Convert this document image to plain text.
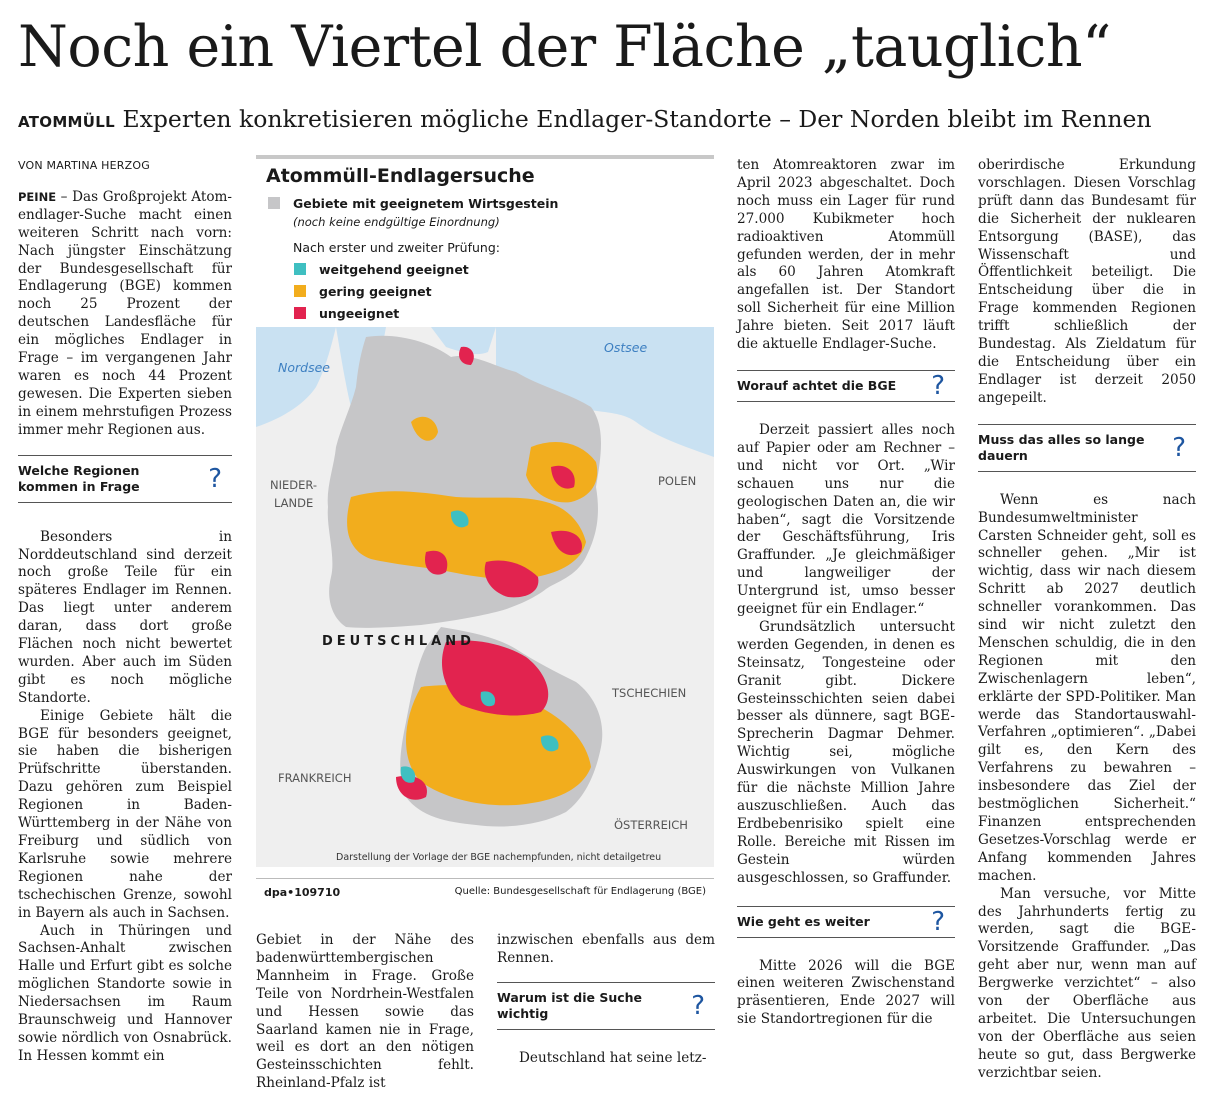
Noch ein Viertel der Fläche „tauglich“
ATOMMÜLL Experten konkretisieren mögliche Endlager-Standorte – Der Norden bleibt im Rennen
VON MARTINA HERZOG

PEINE – Das Großprojekt Atomendlager-Suche macht einen weiteren Schritt nach vorn: Nach jüngster Einschätzung der Bundesgesellschaft für Endlagerung (BGE) kommen noch 25 Prozent der deutschen Landesfläche für ein mögliches Endlager in Frage – im vergangenen Jahr waren es noch 44 Prozent gewesen. Die Experten sieben in einem mehrstufigen Prozess immer mehr Regionen aus.

Welche Regionen kommen in Frage	?

Besonders in Norddeutschland sind derzeit noch große Teile für ein späteres Endlager im Rennen. Das liegt unter anderem daran, dass dort große Flächen noch nicht bewertet wurden. Aber auch im Süden gibt es noch mögliche Standorte.

Einige Gebiete hält die BGE für besonders geeignet, sie haben die bisherigen Prüfschritte überstanden. Dazu gehören zum Beispiel Regionen in Baden-Württemberg in der Nähe von Freiburg und südlich von Karlsruhe sowie mehrere Regionen nahe der tschechischen Grenze, sowohl in Bayern als auch in Sachsen.

Auch in Thüringen und Sachsen-Anhalt zwischen Halle und Erfurt gibt es solche möglichen Standorte sowie in Niedersachsen im Raum Braunschweig und Hannover sowie nördlich von Osnabrück. In Hessen kommt ein

Atommüll-Endlagersuche
Gebiete mit geeignetem Wirtsgestein
(noch keine endgültige Einordnung)
Nach erster und zweiter Prüfung:
weitgehend geeignet
gering geeignet
ungeeignet
Nordsee
Ostsee
NIEDER-
LANDE
POLEN
DEUTSCHLAND
TSCHECHIEN
FRANKREICH
ÖSTERREICH
Darstellung der Vorlage der BGE nachempfunden, nicht detailgetreu
dpa•109710	Quelle: Bundesgesellschaft für Endlagerung (BGE)

Gebiet in der Nähe des badenwürttembergischen Mannheim in Frage. Große Teile von Nordrhein-Westfalen und Hessen sowie das Saarland kamen nie in Frage, weil es dort an den nötigen Gesteinsschichten fehlt. Rheinland-Pfalz ist

inzwischen ebenfalls aus dem Rennen.

Warum ist die Suche wichtig	?

Deutschland hat seine letz-

ten Atomreaktoren zwar im April 2023 abgeschaltet. Doch noch muss ein Lager für rund 27.000 Kubikmeter hoch radioaktiven Atommüll gefunden werden, der in mehr als 60 Jahren Atomkraft angefallen ist. Der Standort soll Sicherheit für eine Million Jahre bieten. Seit 2017 läuft die aktuelle Endlager-Suche.

Worauf achtet die BGE ?

Derzeit passiert alles noch auf Papier oder am Rechner – und nicht vor Ort. „Wir schauen uns nur die geologischen Daten an, die wir haben“, sagt die Vorsitzende der Geschäftsführung, Iris Graffunder. „Je gleichmäßiger und langweiliger der Untergrund ist, umso besser geeignet für ein Endlager.“

Grundsätzlich untersucht werden Gegenden, in denen es Steinsatz, Tongesteine oder Granit gibt. Dickere Gesteinsschichten seien dabei besser als dünnere, sagt BGE-Sprecherin Dagmar Dehmer. Wichtig sei, mögliche Auswirkungen von Vulkanen für die nächste Million Jahre auszuschließen. Auch das Erdbebenrisiko spielt eine Rolle. Bereiche mit Rissen im Gestein würden ausgeschlossen, so Graffunder.

Wie geht es weiter ?

Mitte 2026 will die BGE einen weiteren Zwischenstand präsentieren, Ende 2027 will sie Standortregionen für die

oberirdische Erkundung vorschlagen. Diesen Vorschlag prüft dann das Bundesamt für die Sicherheit der nuklearen Entsorgung (BASE), das Wissenschaft und Öffentlichkeit beteiligt. Die Entscheidung über die in Frage kommenden Regionen trifft schließlich der Bundestag. Als Zieldatum für die Entscheidung über ein Endlager ist derzeit 2050 angepeilt.

Muss das alles so lange dauern	?

Wenn es nach Bundesumweltminister Carsten Schneider geht, soll es schneller gehen. „Mir ist wichtig, dass wir nach diesem Schritt ab 2027 deutlich schneller vorankommen. Das sind wir nicht zuletzt den Menschen schuldig, die in den Regionen mit den Zwischenlagern leben“, erklärte der SPD-Politiker. Man werde das Standortauswahl-Verfahren „optimieren“. „Dabei gilt es, den Kern des Verfahrens zu bewahren – insbesondere das Ziel der bestmöglichen Sicherheit.“ Finanzen entsprechenden Gesetzes-Vorschlag werde er Anfang kommenden Jahres machen.

Man versuche, vor Mitte des Jahrhunderts fertig zu werden, sagt die BGE-Vorsitzende Graffunder. „Das geht aber nur, wenn man auf Bergwerke verzichtet“ – also von der Oberfläche aus arbeitet. Die Untersuchungen von der Oberfläche aus seien heute so gut, dass Bergwerke verzichtbar seien.
